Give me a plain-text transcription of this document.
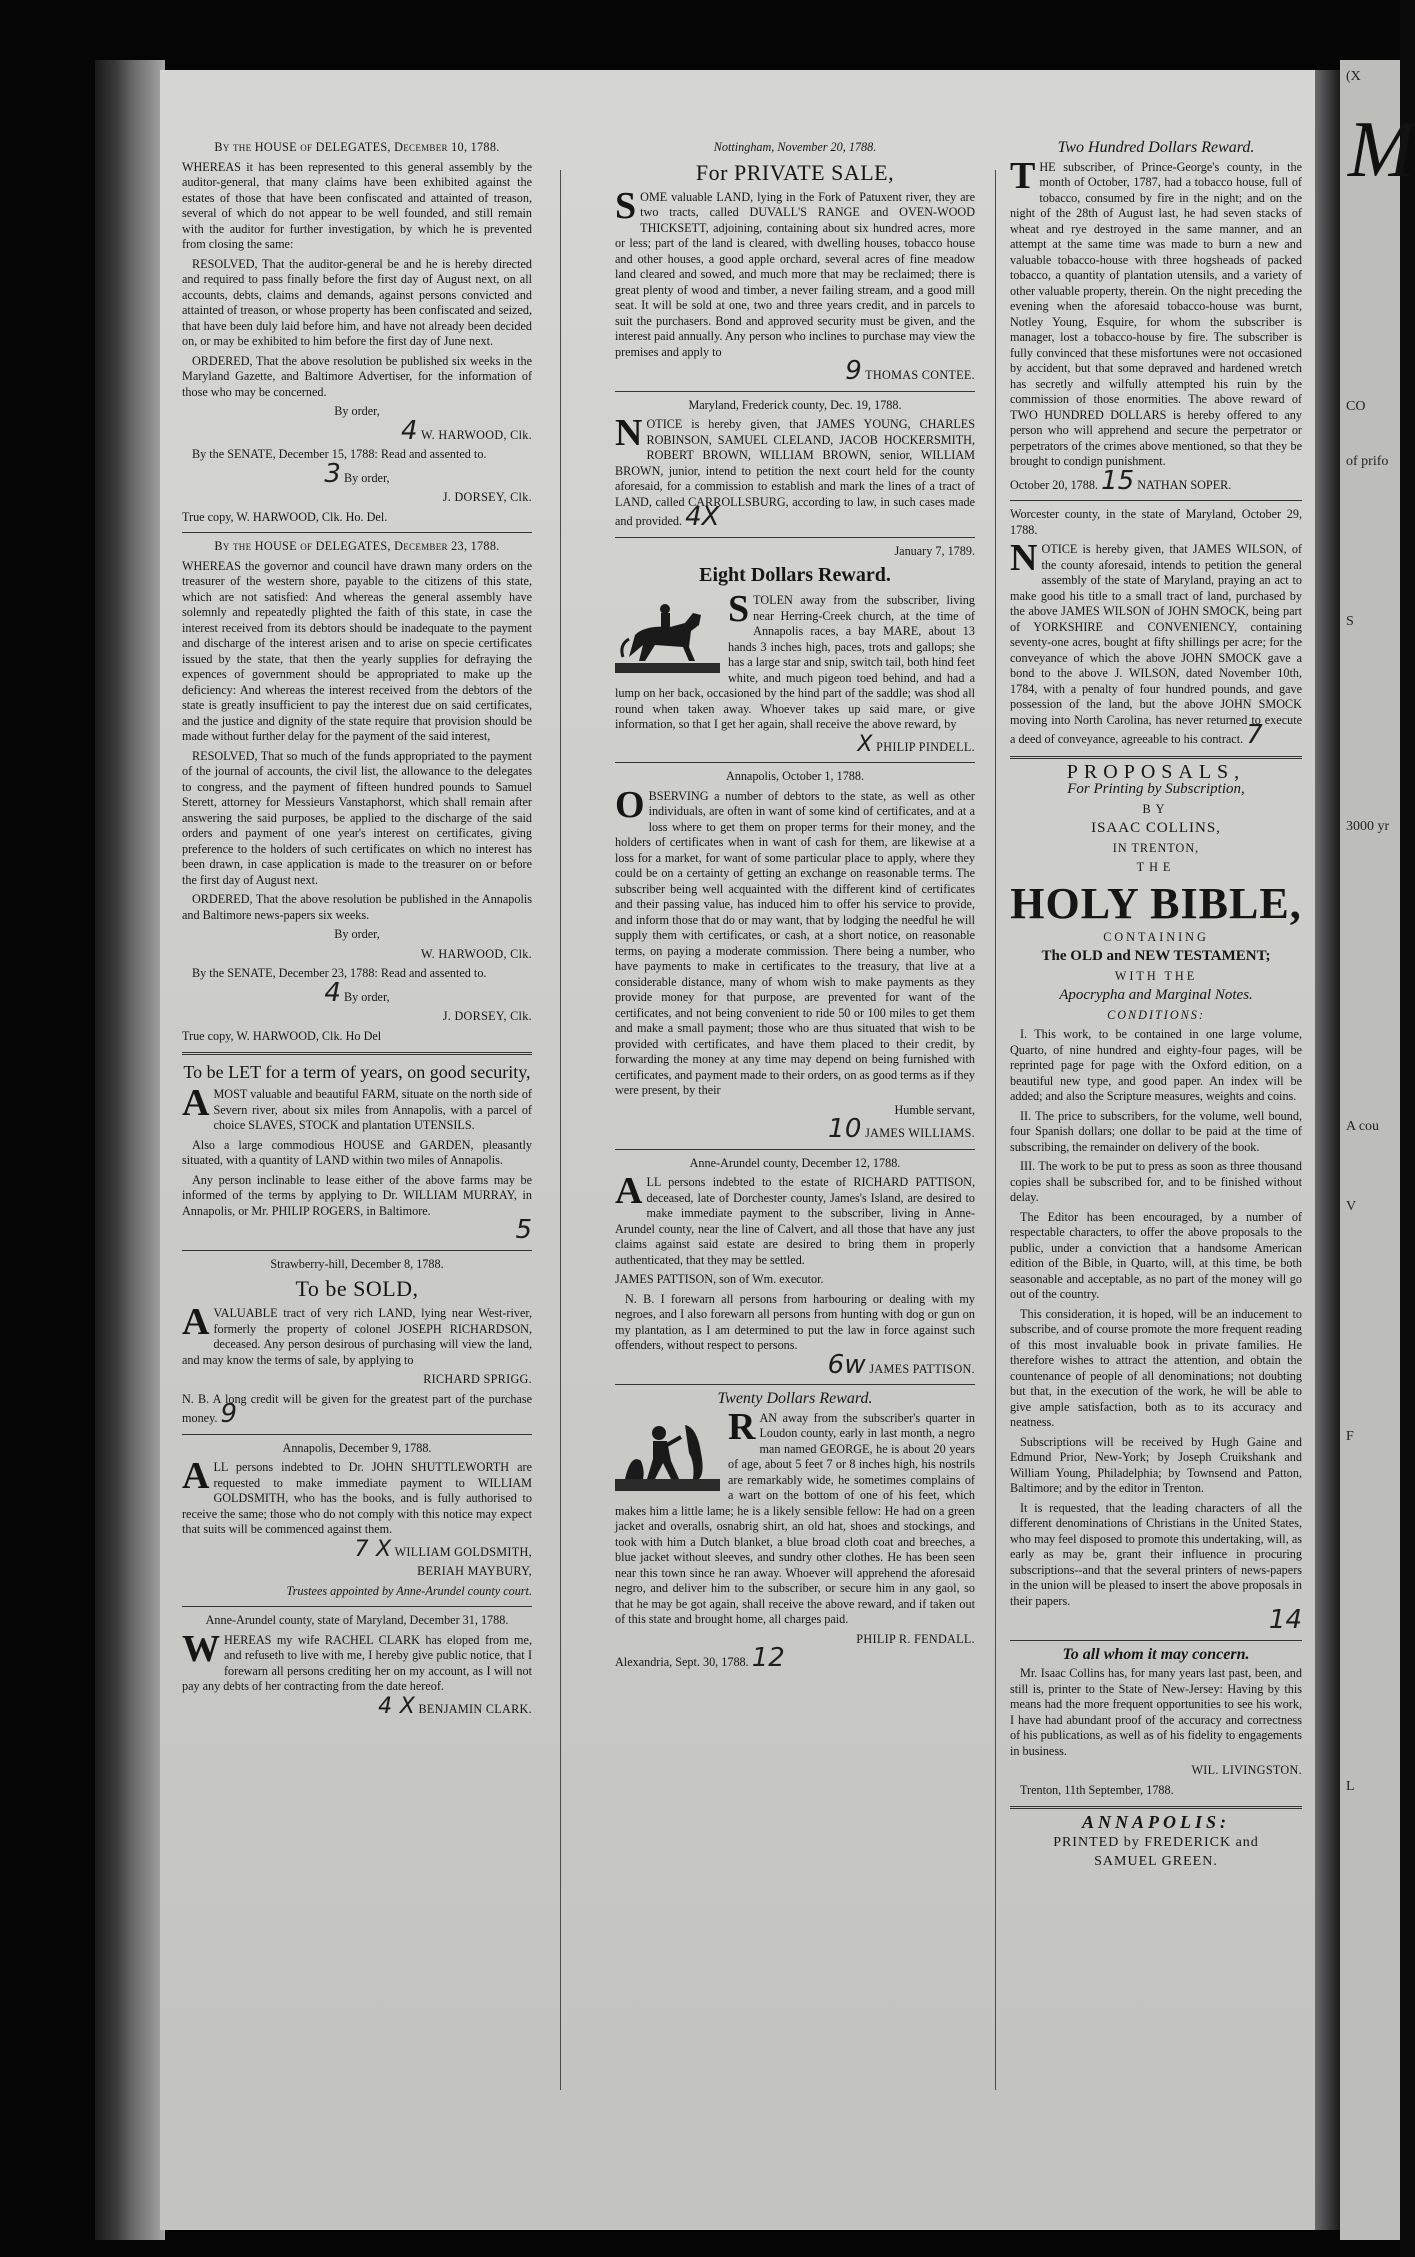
(X
M
CO
of prifo
S
3000 yr
A cou
V
F
L

By the HOUSE of DELEGATES, December 10, 1788.

WHEREAS it has been represented to this general assembly by the auditor-general, that many claims have been exhibited against the estates of those that have been confiscated and attainted of treason, several of which do not appear to be well founded, and still remain with the auditor for further investigation, by which he is prevented from closing the same:

RESOLVED, That the auditor-general be and he is hereby directed and required to pass finally before the first day of August next, on all accounts, debts, claims and demands, against persons convicted and attainted of treason, or whose property has been confiscated and seized, that have been duly laid before him, and have not already been decided on, or may be exhibited to him before the first day of June next.

ORDERED, That the above resolution be published six weeks in the Maryland Gazette, and Baltimore Advertiser, for the information of those who may be concerned.

By order,

4 W. HARWOOD, Clk.

By the SENATE, December 15, 1788: Read and assented to.

3 By order,

J. DORSEY, Clk.

True copy, W. HARWOOD, Clk. Ho. Del.

By the HOUSE of DELEGATES, December 23, 1788.

WHEREAS the governor and council have drawn many orders on the treasurer of the western shore, payable to the citizens of this state, which are not satisfied: And whereas the general assembly have solemnly and repeatedly plighted the faith of this state, in case the interest received from its debtors should be inadequate to the payment and discharge of the interest arisen and to arise on specie certificates issued by the state, that then the yearly supplies for defraying the expences of government should be appropriated to make up the deficiency: And whereas the interest received from the debtors of the state is greatly insufficient to pay the interest due on said certificates, and the justice and dignity of the state require that provision should be made without further delay for the payment of the said interest,

RESOLVED, That so much of the funds appropriated to the payment of the journal of accounts, the civil list, the allowance to the delegates to congress, and the payment of fifteen hundred pounds to Samuel Sterett, attorney for Messieurs Vanstaphorst, which shall remain after answering the said purposes, be applied to the discharge of the said orders and payment of one year's interest on certificates, giving preference to the holders of such certificates on which no interest has been drawn, in case application is made to the treasurer on or before the first day of August next.

ORDERED, That the above resolution be published in the Annapolis and Baltimore news-papers six weeks.

By order,

W. HARWOOD, Clk.

By the SENATE, December 23, 1788: Read and assented to.

4 By order,

J. DORSEY, Clk.

True copy, W. HARWOOD, Clk. Ho Del

To be LET for a term of years, on good security,

AMOST valuable and beautiful FARM, situate on the north side of Severn river, about six miles from Annapolis, with a parcel of choice SLAVES, STOCK and plantation UTENSILS.

Also a large commodious HOUSE and GARDEN, pleasantly situated, with a quantity of LAND within two miles of Annapolis.

Any person inclinable to lease either of the above farms may be informed of the terms by applying to Dr. WILLIAM MURRAY, in Annapolis, or Mr. PHILIP ROGERS, in Baltimore.

5

Strawberry-hill, December 8, 1788.

To be SOLD,

AVALUABLE tract of very rich LAND, lying near West-river, formerly the property of colonel JOSEPH RICHARDSON, deceased. Any person desirous of purchasing will view the land, and may know the terms of sale, by applying to

RICHARD SPRIGG.

N. B. A long credit will be given for the greatest part of the purchase money. 9

Annapolis, December 9, 1788.

ALL persons indebted to Dr. JOHN SHUTTLEWORTH are requested to make immediate payment to WILLIAM GOLDSMITH, who has the books, and is fully authorised to receive the same; those who do not comply with this notice may expect that suits will be commenced against them.

7 X WILLIAM GOLDSMITH,

BERIAH MAYBURY,

Trustees appointed by Anne-Arundel county court.

Anne-Arundel county, state of Maryland, December 31, 1788.

WHEREAS my wife RACHEL CLARK has eloped from me, and refuseth to live with me, I hereby give public notice, that I forewarn all persons crediting her on my account, as I will not pay any debts of her contracting from the date hereof.

4 X BENJAMIN CLARK.

Nottingham, November 20, 1788.

For PRIVATE SALE,

SOME valuable LAND, lying in the Fork of Patuxent river, they are two tracts, called DUVALL'S RANGE and OVEN-WOOD THICKSETT, adjoining, containing about six hundred acres, more or less; part of the land is cleared, with dwelling houses, tobacco house and other houses, a good apple orchard, several acres of fine meadow land cleared and sowed, and much more that may be reclaimed; there is great plenty of wood and timber, a never failing stream, and a good mill seat. It will be sold at one, two and three years credit, and in parcels to suit the purchasers. Bond and approved security must be given, and the interest paid annually. Any person who inclines to purchase may view the premises and apply to

9 THOMAS CONTEE.

Maryland, Frederick county, Dec. 19, 1788.

NOTICE is hereby given, that JAMES YOUNG, CHARLES ROBINSON, SAMUEL CLELAND, JACOB HOCKERSMITH, ROBERT BROWN, WILLIAM BROWN, senior, WILLIAM BROWN, junior, intend to petition the next court held for the county aforesaid, for a commission to establish and mark the lines of a tract of LAND, called CARROLLSBURG, according to law, in such cases made and provided. 4X

January 7, 1789.

Eight Dollars Reward.

STOLEN away from the subscriber, living near Herring-Creek church, at the time of Annapolis races, a bay MARE, about 13 hands 3 inches high, paces, trots and gallops; she has a large star and snip, switch tail, both hind feet white, and much pigeon toed behind, and had a lump on her back, occasioned by the hind part of the saddle; was shod all round when taken away. Whoever takes up said mare, or give information, so that I get her again, shall receive the above reward, by

X PHILIP PINDELL.

Annapolis, October 1, 1788.

OBSERVING a number of debtors to the state, as well as other individuals, are often in want of some kind of certificates, and at a loss where to get them on proper terms for their money, and the holders of certificates when in want of cash for them, are likewise at a loss for a market, for want of some particular place to apply, where they could be on a certainty of getting an exchange on reasonable terms. The subscriber being well acquainted with the different kind of certificates and their passing value, has induced him to offer his service to provide, and inform those that do or may want, that by lodging the needful he will supply them with certificates, or cash, at a short notice, on reasonable terms, on paying a moderate commission. There being a number, who have payments to make in certificates to the treasury, that live at a considerable distance, many of whom wish to make payments as they provide money for that purpose, are prevented for want of the certificates, and not being convenient to ride 50 or 100 miles to get them and make a small payment; those who are thus situated that wish to be provided with certificates, and have them placed to their credit, by forwarding the money at any time may depend on being furnished with certificates, and payment made to their orders, on as good terms as if they were present, by their

Humble servant,

10 JAMES WILLIAMS.

Anne-Arundel county, December 12, 1788.

ALL persons indebted to the estate of RICHARD PATTISON, deceased, late of Dorchester county, James's Island, are desired to make immediate payment to the subscriber, living in Anne-Arundel county, near the line of Calvert, and all those that have any just claims against said estate are desired to bring them in properly authenticated, that they may be settled.

JAMES PATTISON, son of Wm. executor.

N. B. I forewarn all persons from harbouring or dealing with my negroes, and I also forewarn all persons from hunting with dog or gun on my plantation, as I am determined to put the law in force against such offenders, without respect to persons.

6w JAMES PATTISON.

Twenty Dollars Reward.

RAN away from the subscriber's quarter in Loudon county, early in last month, a negro man named GEORGE, he is about 20 years of age, about 5 feet 7 or 8 inches high, his nostrils are remarkably wide, he sometimes complains of a wart on the bottom of one of his feet, which makes him a little lame; he is a likely sensible fellow: He had on a green jacket and overalls, osnabrig shirt, an old hat, shoes and stockings, and took with him a Dutch blanket, a blue broad cloth coat and breeches, a blue jacket without sleeves, and sundry other clothes. He has been seen near this town since he ran away. Whoever will apprehend the aforesaid negro, and deliver him to the subscriber, or secure him in any gaol, so that he may be got again, shall receive the above reward, and if taken out of this state and brought home, all charges paid.

PHILIP R. FENDALL.

Alexandria, Sept. 30, 1788. 12

Two Hundred Dollars Reward.

THE subscriber, of Prince-George's county, in the month of October, 1787, had a tobacco house, full of tobacco, consumed by fire in the night; and on the night of the 28th of August last, he had seven stacks of wheat and rye destroyed in the same manner, and an attempt at the same time was made to burn a new and valuable tobacco-house with three hogsheads of packed tobacco, a quantity of plantation utensils, and a variety of other valuable property, therein. On the night preceding the evening when the aforesaid tobacco-house was burnt, Notley Young, Esquire, for whom the subscriber is manager, lost a tobacco-house by fire. The subscriber is fully convinced that these misfortunes were not occasioned by accident, but that some depraved and hardened wretch has secretly and wilfully attempted his ruin by the commission of those enormities. The above reward of TWO HUNDRED DOLLARS is hereby offered to any person who will apprehend and secure the perpetrator or perpetrators of the crimes above mentioned, so that they be brought to condign punishment.

October 20, 1788. 15 NATHAN SOPER.

Worcester county, in the state of Maryland, October 29, 1788.

NOTICE is hereby given, that JAMES WILSON, of the county aforesaid, intends to petition the general assembly of the state of Maryland, praying an act to make good his title to a small tract of land, purchased by the above JAMES WILSON of JOHN SMOCK, being part of YORKSHIRE and CONVENIENCY, containing seventy-one acres, bought at fifty shillings per acre; for the conveyance of which the above JOHN SMOCK gave a bond to the above J. WILSON, dated November 10th, 1784, with a penalty of four hundred pounds, and gave possession of the land, but the above JOHN SMOCK moving into North Carolina, has never returned to execute a deed of conveyance, agreeable to his contract. 7

PROPOSALS,

For Printing by Subscription,

BY

ISAAC COLLINS,

IN TRENTON,

THE

HOLY BIBLE,

CONTAINING

The OLD and NEW TESTAMENT;

WITH THE

Apocrypha and Marginal Notes.

CONDITIONS:

I. This work, to be contained in one large volume, Quarto, of nine hundred and eighty-four pages, will be reprinted page for page with the Oxford edition, on a beautiful new type, and good paper. An index will be added; and also the Scripture measures, weights and coins.

II. The price to subscribers, for the volume, well bound, four Spanish dollars; one dollar to be paid at the time of subscribing, the remainder on delivery of the book.

III. The work to be put to press as soon as three thousand copies shall be subscribed for, and to be finished without delay.

The Editor has been encouraged, by a number of respectable characters, to offer the above proposals to the public, under a conviction that a handsome American edition of the Bible, in Quarto, will, at this time, be both seasonable and acceptable, as no part of the money will go out of the country.

This consideration, it is hoped, will be an inducement to subscribe, and of course promote the more frequent reading of this most invaluable book in private families. He therefore wishes to attract the attention, and obtain the countenance of people of all denominations; not doubting but that, in the execution of the work, he will be able to give ample satisfaction, both as to its accuracy and neatness.

Subscriptions will be received by Hugh Gaine and Edmund Prior, New-York; by Joseph Cruikshank and William Young, Philadelphia; by Townsend and Patton, Baltimore; and by the editor in Trenton.

It is requested, that the leading characters of all the different denominations of Christians in the United States, who may feel disposed to promote this undertaking, will, as early as may be, grant their influence in procuring subscriptions--and that the several printers of news-papers in the union will be pleased to insert the above proposals in their papers.

14

To all whom it may concern.

Mr. Isaac Collins has, for many years last past, been, and still is, printer to the State of New-Jersey: Having by this means had the more frequent opportunities to see his work, I have had abundant proof of the accuracy and correctness of his publications, as well as of his fidelity to engagements in business.

WIL. LIVINGSTON.

Trenton, 11th September, 1788.

ANNAPOLIS:

PRINTED by FREDERICK and

SAMUEL GREEN.
